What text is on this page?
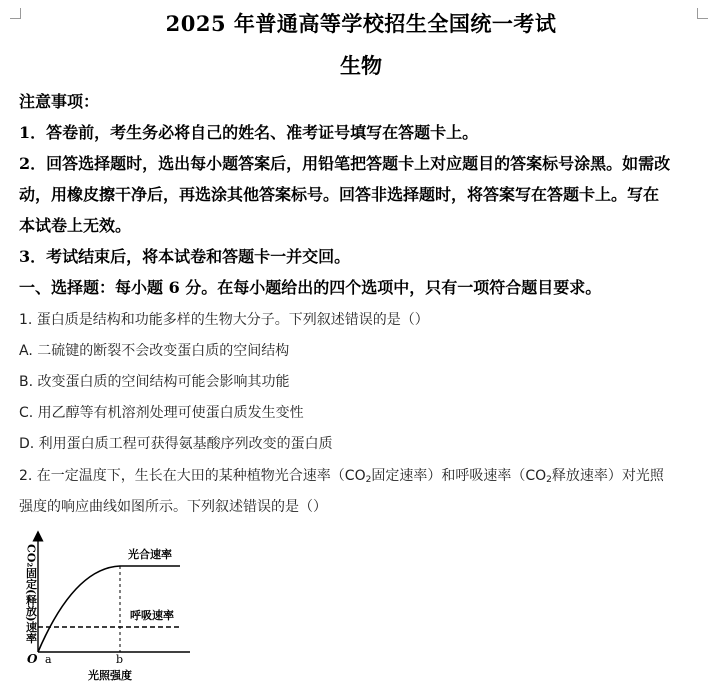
2025 年普通高等学校招生全国统一考试
生物
注意事项：
1．答卷前，考生务必将自己的姓名、准考证号填写在答题卡上。
2．回答选择题时，选出每小题答案后，用铅笔把答题卡上对应题目的答案标号涂黑。如需改
动，用橡皮擦干净后，再选涂其他答案标号。回答非选择题时，将答案写在答题卡上。写在
本试卷上无效。
3．考试结束后，将本试卷和答题卡一并交回。
一、选择题：每小题 6 分。在每小题给出的四个选项中，只有一项符合题目要求。
1. 蛋白质是结构和功能多样的生物大分子。下列叙述错误的是（）
A. 二硫键的断裂不会改变蛋白质的空间结构
B. 改变蛋白质的空间结构可能会影响其功能
C. 用乙醇等有机溶剂处理可使蛋白质发生变性
D. 利用蛋白质工程可获得氨基酸序列改变的蛋白质
2. 在一定温度下，生长在大田的某种植物光合速率（$CO_2$固定速率）和呼吸速率（$CO_2$释放速率）对光照
强度的响应曲线如图所示。下列叙述错误的是（）
CO₂固定(释放)速率	光合速率
呼吸速率
O a	b
光照强度
